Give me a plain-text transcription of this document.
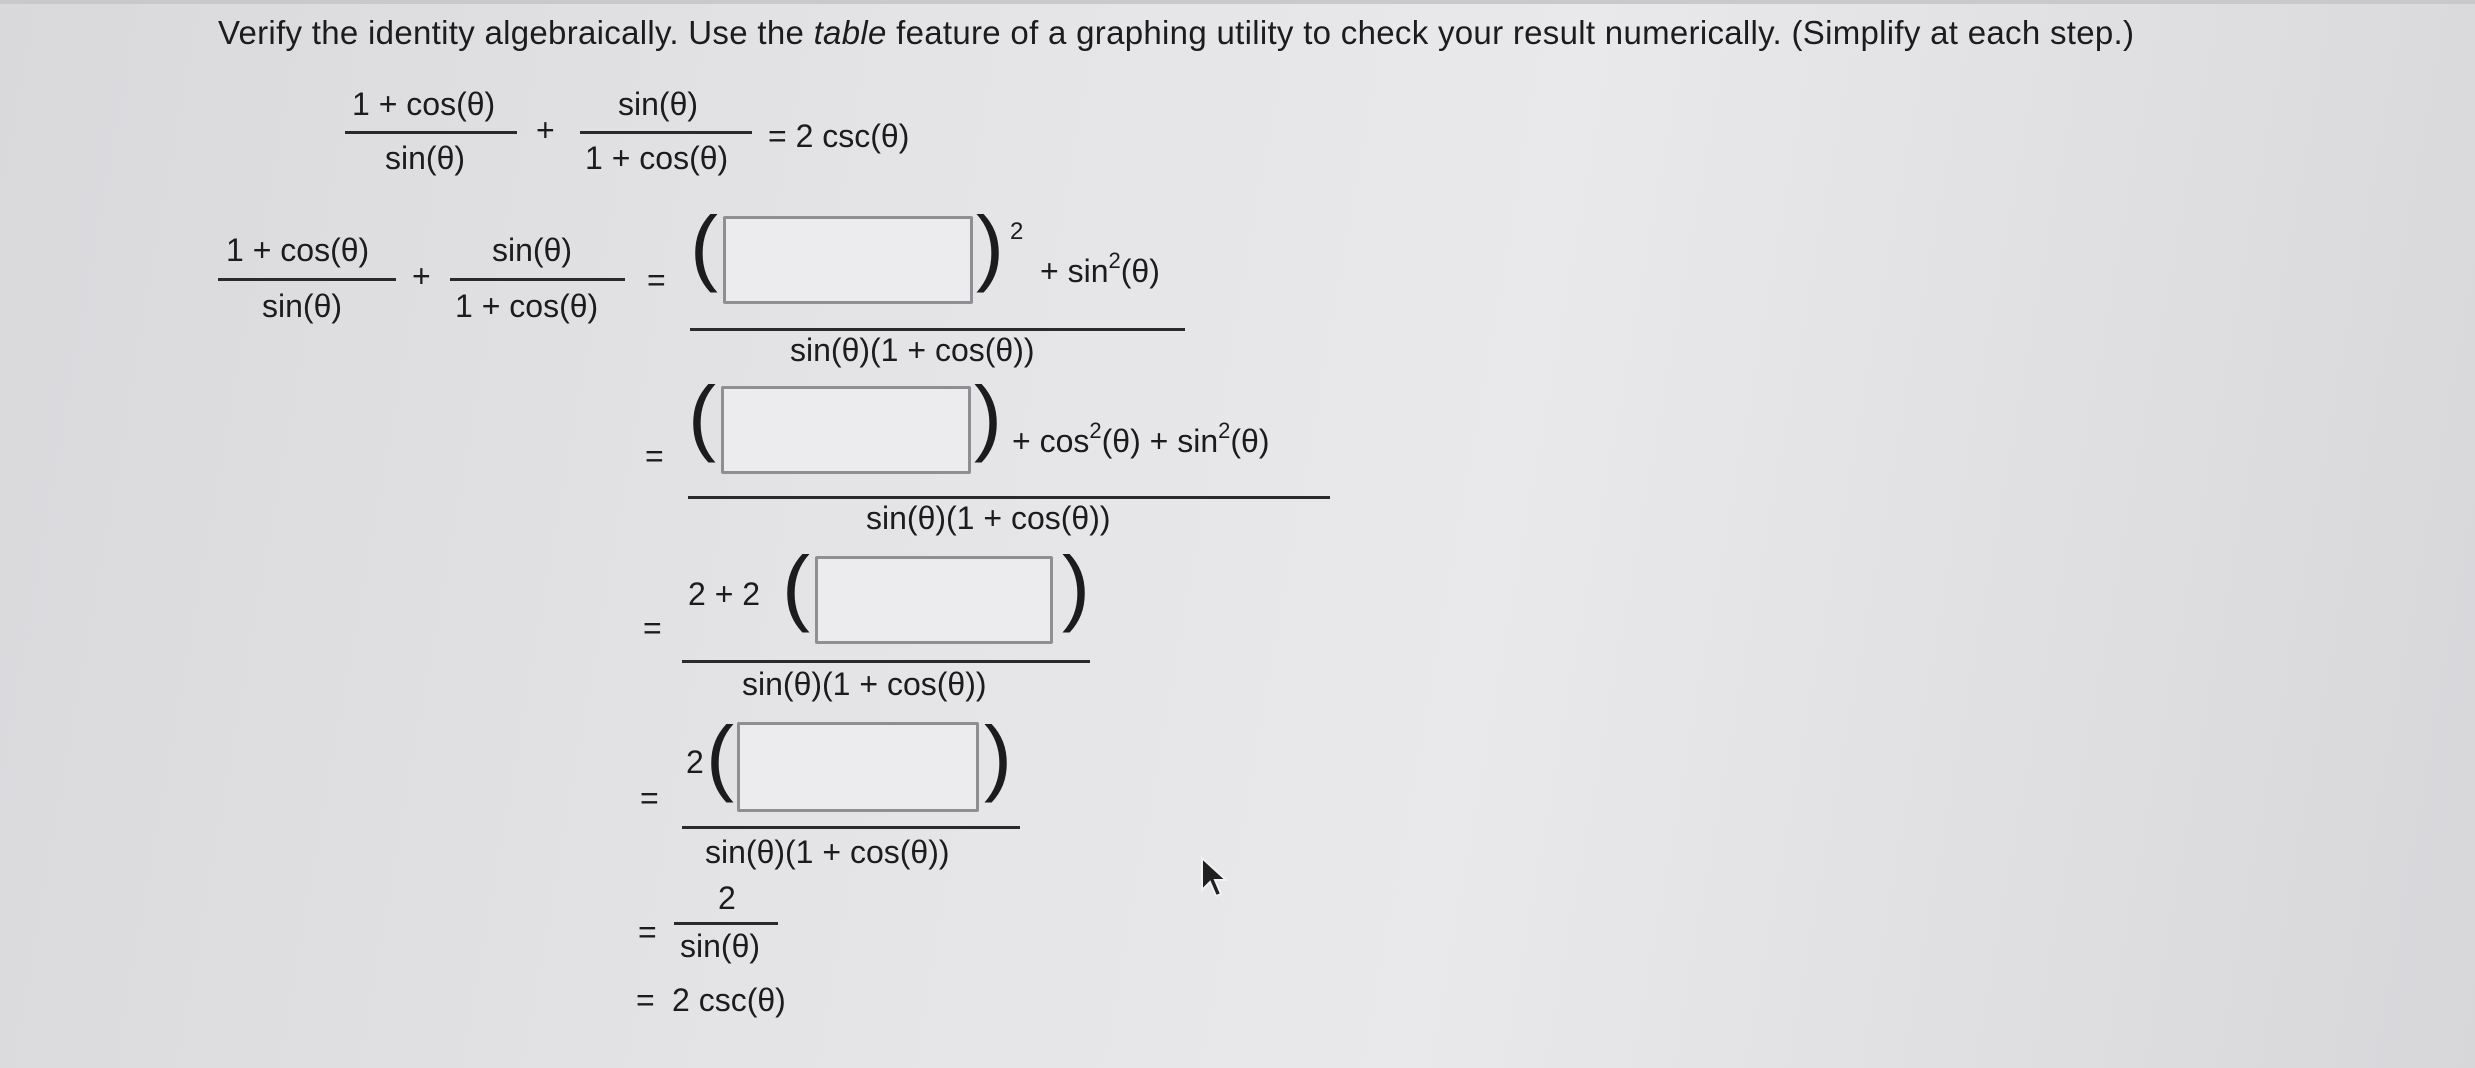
Verify the identity algebraically. Use the table feature of a graphing utility to check your result numerically. (Simplify at each step.)
1 + cos(θ)
sin(θ)
+
sin(θ)
1 + cos(θ)
= 2 csc(θ)
1 + cos(θ)
sin(θ)
+
sin(θ)
1 + cos(θ)
= (	) 2
+ $\sin^2(\theta)$
sin(θ)(1 + cos(θ))
= (	) + $\cos^2(\theta) + \sin^2(\theta)$
sin(θ)(1 + cos(θ))
=
2 + 2 (	)
sin(θ)(1 + cos(θ))
=
2 (	)
sin(θ)(1 + cos(θ))
=
2
sin(θ)
= 2 csc(θ)
